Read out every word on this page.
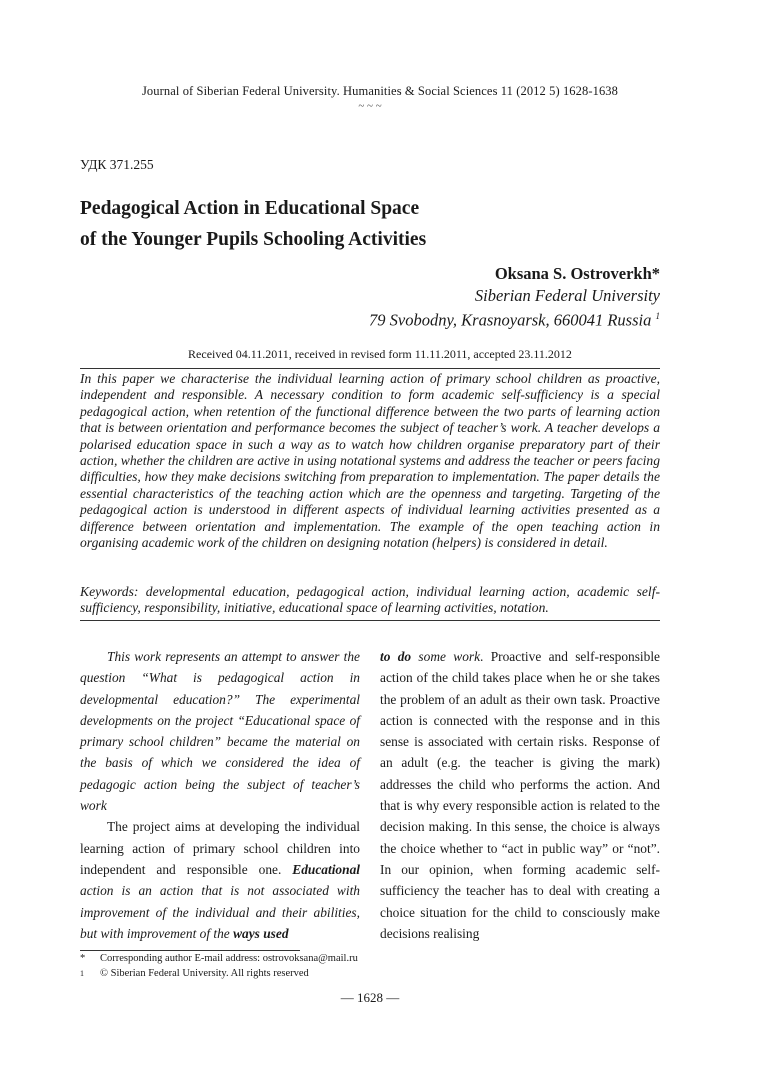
Journal of Siberian Federal University. Humanities & Social Sciences 11 (2012 5) 1628-1638
~ ~ ~
УДК 371.255
Pedagogical Action in Educational Space
of the Younger Pupils Schooling Activities
Oksana S. Ostroverkh*
Siberian Federal University
79 Svobodny, Krasnoyarsk, 660041 Russia $^1$
Received 04.11.2011, received in revised form 11.11.2011, accepted 23.11.2012

In this paper we characterise the individual learning action of primary school children as proactive, independent and responsible. A necessary condition to form academic self-sufficiency is a special pedagogical action, when retention of the functional difference between the two parts of learning action that is between orientation and performance becomes the subject of teacher’s work. A teacher develops a polarised education space in such a way as to watch how children organise preparatory part of their action, whether the children are active in using notational systems and address the teacher or peers facing difficulties, how they make decisions switching from preparation to implementation. The paper details the essential characteristics of the teaching action which are the openness and targeting. Targeting of the pedagogical action is understood in different aspects of individual learning activities presented as a difference between orientation and implementation. The example of the open teaching action in organising academic work of the children on designing notation (helpers) is considered in detail.

Keywords: developmental education, pedagogical action, individual learning action, academic self-sufficiency, responsibility, initiative, educational space of learning activities, notation.

This work represents an attempt to answer the question “What is pedagogical action in developmental education?” The experimental developments on the project “Educational space of primary school children” became the material on the basis of which we considered the idea of pedagogic action being the subject of teacher’s work

The project aims at developing the individual learning action of primary school children into independent and responsible one. Educational action is an action that is not associated with improvement of the individual and their abilities, but with improvement of the ways used

to do some work. Proactive and self-responsible action of the child takes place when he or she takes the problem of an adult as their own task. Proactive action is connected with the response and in this sense is associated with certain risks. Response of an adult (e.g. the teacher is giving the mark) addresses the child who performs the action. And that is why every responsible action is related to the decision making. In this sense, the choice is always the choice whether to “act in public way” or “not”. In our opinion, when forming academic self-sufficiency the teacher has to deal with creating a choice situation for the child to consciously make decisions realising

* Corresponding author E-mail address: ostrovoksana@mail.ru
1 © Siberian Federal University. All rights reserved
— 1628 —
